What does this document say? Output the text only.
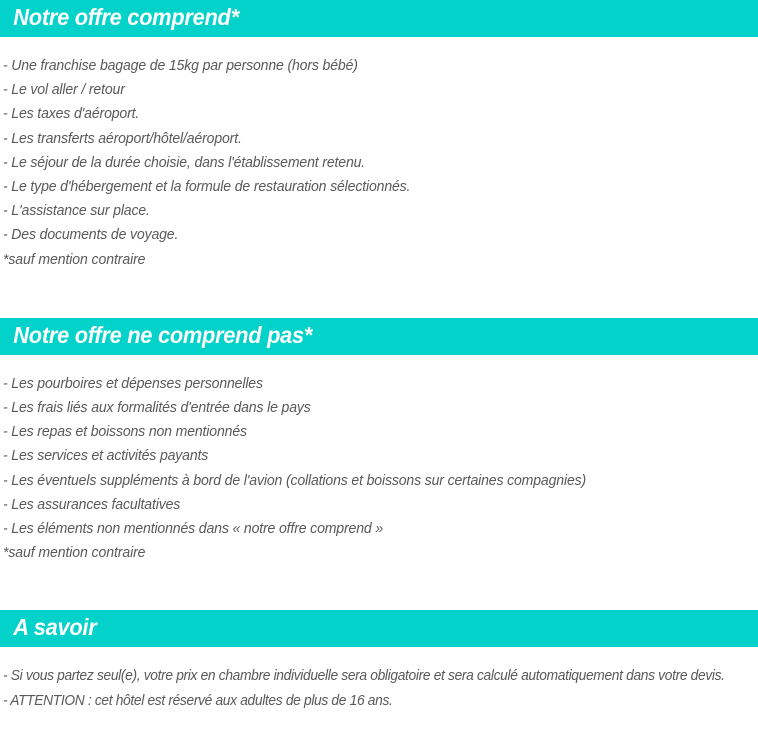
Notre offre comprend*
- Une franchise bagage de 15kg par personne (hors bébé)
- Le vol aller / retour
- Les taxes d'aéroport.
- Les transferts aéroport/hôtel/aéroport.
- Le séjour de la durée choisie, dans l'établissement retenu.
- Le type d'hébergement et la formule de restauration sélectionnés.
- L'assistance sur place.
- Des documents de voyage.
*sauf mention contraire
Notre offre ne comprend pas*
- Les pourboires et dépenses personnelles
- Les frais liés aux formalités d'entrée dans le pays
- Les repas et boissons non mentionnés
- Les services et activités payants
- Les éventuels suppléments à bord de l'avion (collations et boissons sur certaines compagnies)
- Les assurances facultatives
- Les éléments non mentionnés dans « notre offre comprend »
*sauf mention contraire
A savoir
- Si vous partez seul(e), votre prix en chambre individuelle sera obligatoire et sera calculé automatiquement dans votre devis.
- ATTENTION : cet hôtel est réservé aux adultes de plus de 16 ans.
